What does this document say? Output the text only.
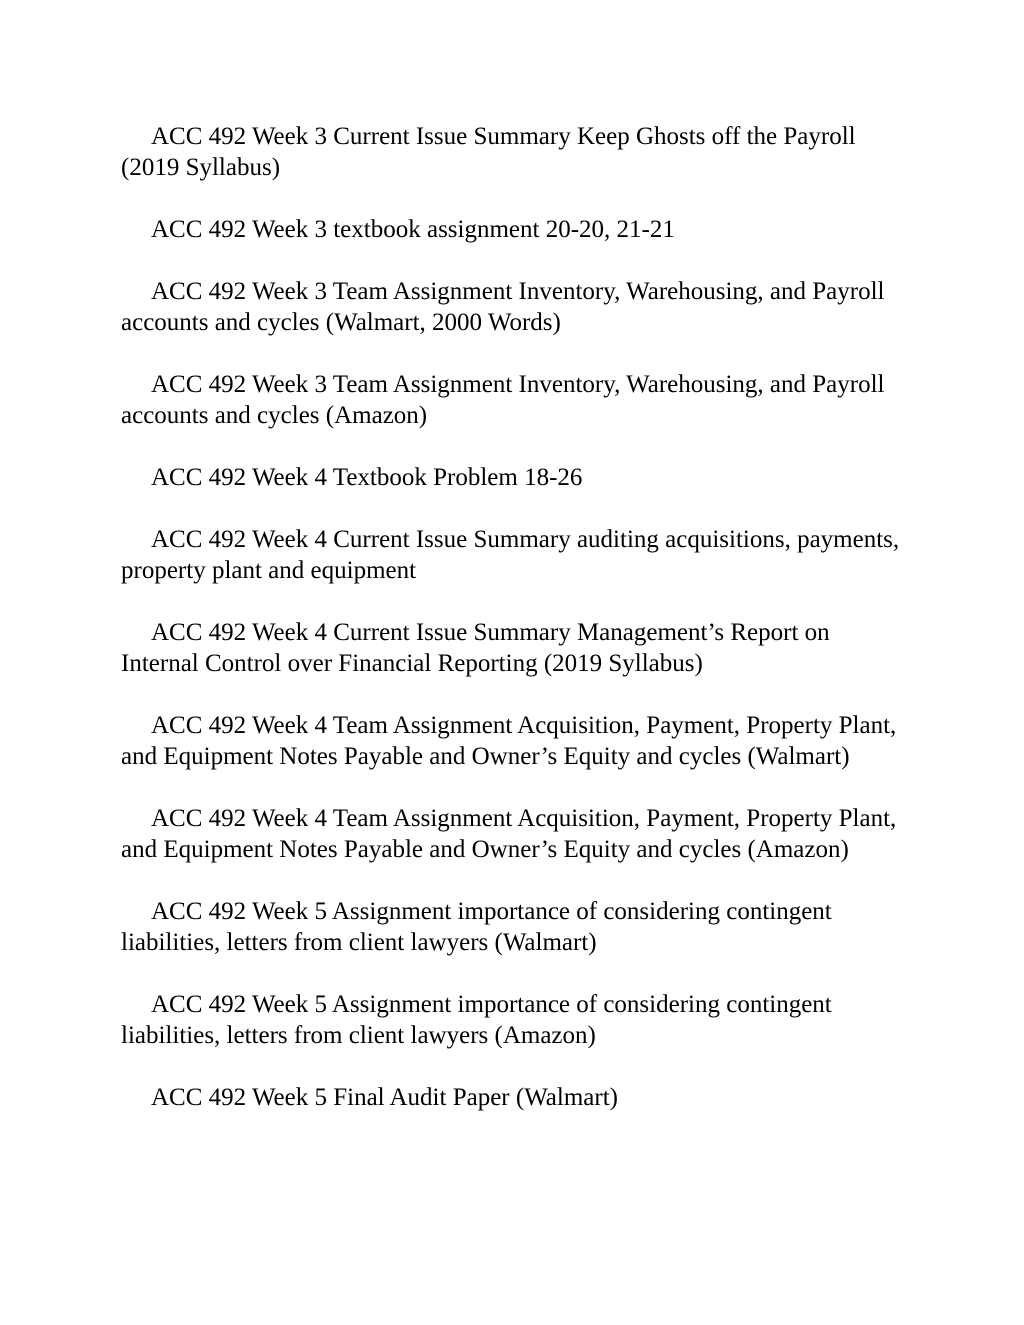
ACC 492 Week 3 Current Issue Summary Keep Ghosts off the Payroll (2019 Syllabus)

ACC 492 Week 3 textbook assignment 20-20, 21-21

ACC 492 Week 3 Team Assignment Inventory, Warehousing, and Payroll accounts and cycles (Walmart, 2000 Words)

ACC 492 Week 3 Team Assignment Inventory, Warehousing, and Payroll accounts and cycles (Amazon)

ACC 492 Week 4 Textbook Problem 18-26

ACC 492 Week 4 Current Issue Summary auditing acquisitions, payments, property plant and equipment

ACC 492 Week 4 Current Issue Summary Management’s Report on Internal Control over Financial Reporting (2019 Syllabus)

ACC 492 Week 4 Team Assignment Acquisition, Payment, Property Plant, and Equipment Notes Payable and Owner’s Equity and cycles (Walmart)

ACC 492 Week 4 Team Assignment Acquisition, Payment, Property Plant, and Equipment Notes Payable and Owner’s Equity and cycles (Amazon)

ACC 492 Week 5 Assignment importance of considering contingent liabilities, letters from client lawyers (Walmart)

ACC 492 Week 5 Assignment importance of considering contingent liabilities, letters from client lawyers (Amazon)

ACC 492 Week 5 Final Audit Paper (Walmart)
